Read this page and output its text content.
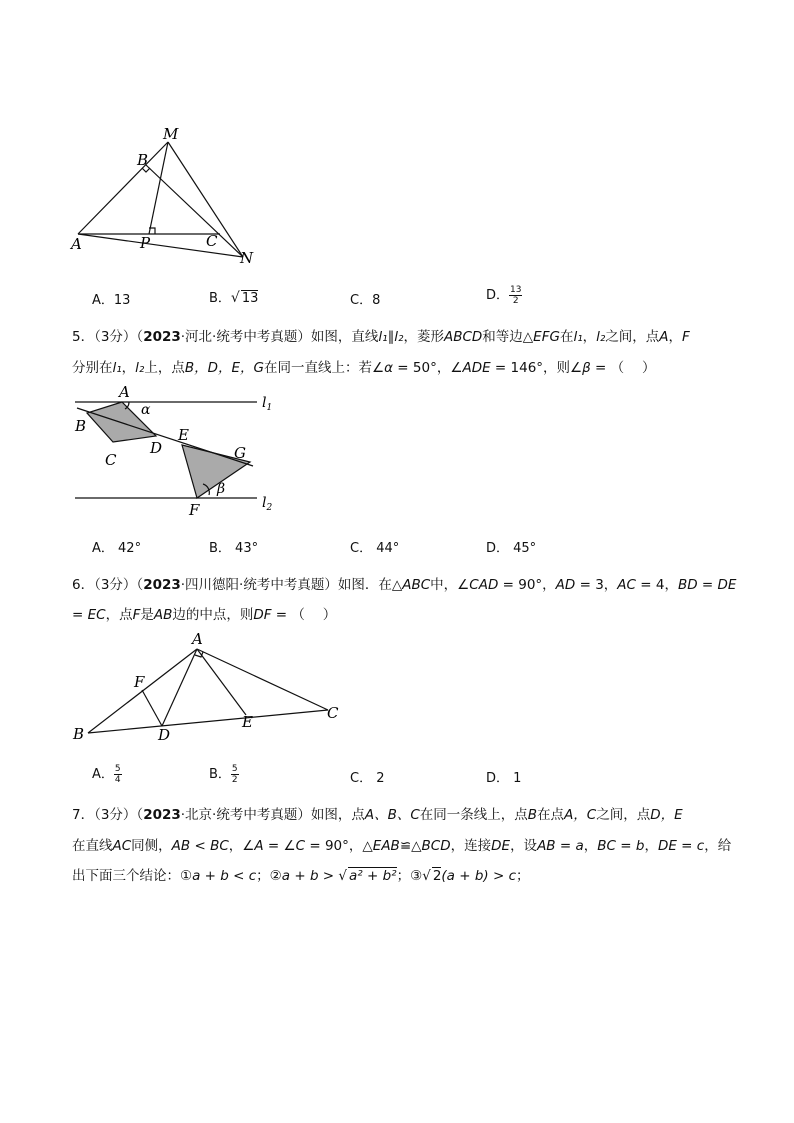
M
B
A	P	C
N
A．13	B．√ 13	C．8	D． $\frac{13}{2}$
5．（3分）（2023·河北·统考中考真题）如图，直线l₁∥l₂，菱形ABCD和等边△EFG在l₁，l₂之间，点A，F
分别在l₁，l₂上，点B，D，E，G在同一直线上：若∠α = 50°，∠ADE = 146°，则∠β = （　 ）
A
α	$l_1$
B
C
D
E
G
β
F	$l_2$
A． 42°	B． 43°	C． 44°	D． 45°
6．（3分）（2023·四川德阳·统考中考真题）如图．在△ABC中，∠CAD = 90°，AD = 3，AC = 4，BD = DE
= EC，点F是AB边的中点，则DF = （　 ）
A
F
B	D
E	C
A． $\frac{5}{4}$	B． $\frac{5}{2}$	C． 2	D． 1
7．（3分）（2023·北京·统考中考真题）如图，点A、B、C在同一条线上，点B在点A，C之间，点D，E
在直线AC同侧，AB < BC，∠A = ∠C = 90°，△EAB≌△BCD，连接DE，设AB = a，BC = b，DE = c，给
出下面三个结论：①a + b < c；②a + b > √ a² + b²；③√ 2(a + b) > c；
